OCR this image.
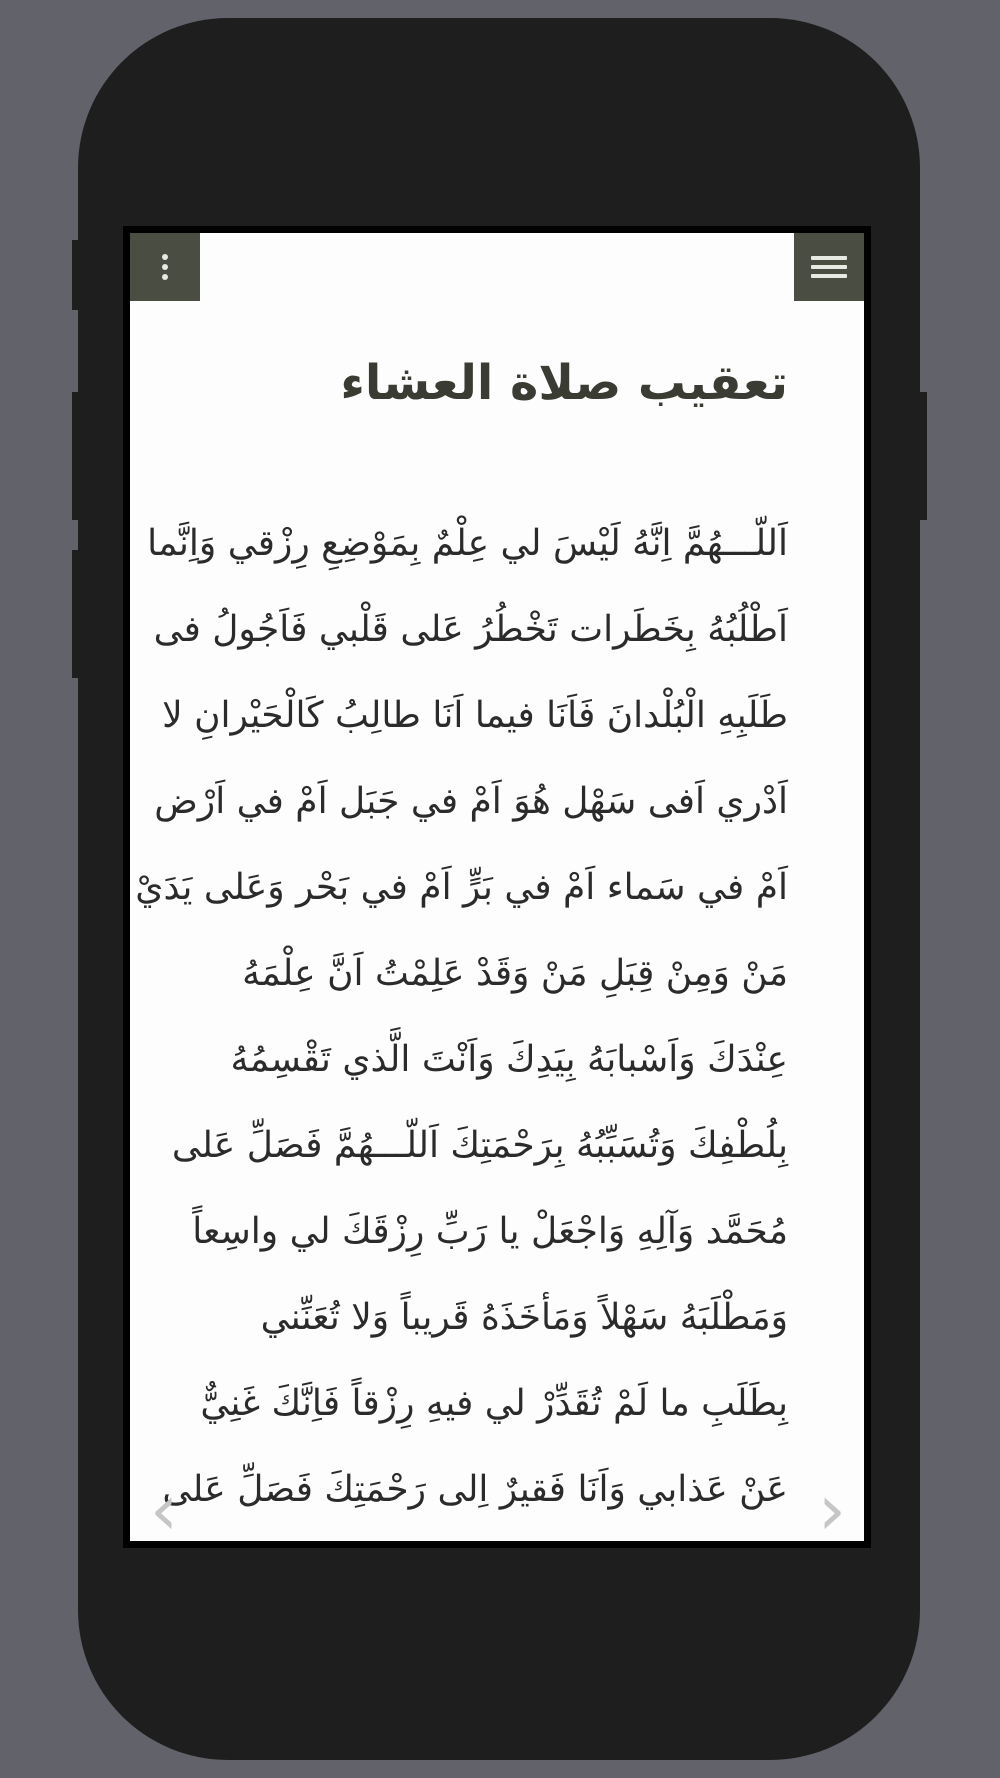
تعقيب صلاة العشاء
اَللّـــهُمَّ اِنَّهُ لَيْسَ لي عِلْمٌ بِمَوْضِعِ رِزْقي وَاِنَّما
اَطْلُبُهُ بِخَطَرات تَخْطُرُ عَلى قَلْبي فَاَجُولُ فى
طَلَبِهِ الْبُلْدانَ فَاَنَا فيما اَنَا طالِبُ كَالْحَيْرانِ لا
اَدْري اَفى سَهْل هُوَ اَمْ في جَبَل اَمْ في اَرْض
اَمْ في سَماء اَمْ في بَرٍّ اَمْ في بَحْر وَعَلى يَدَيْ
مَنْ وَمِنْ قِبَلِ مَنْ وَقَدْ عَلِمْتُ اَنَّ عِلْمَهُ
عِنْدَكَ وَاَسْبابَهُ بِيَدِكَ وَاَنْتَ الَّذي تَقْسِمُهُ
بِلُطْفِكَ وَتُسَبِّبُهُ بِرَحْمَتِكَ اَللّـــهُمَّ فَصَلِّ عَلى
مُحَمَّد وَآلِهِ وَاجْعَلْ يا رَبِّ رِزْقَكَ لي واسِعاً
وَمَطْلَبَهُ سَهْلاً وَمَأخَذَهُ قَريباً وَلا تُعَنِّني
بِطَلَبِ ما لَمْ تُقَدِّرْ لي فيهِ رِزْقاً فَاِنَّكَ غَنِيٌّ
عَنْ عَذابي وَاَنَا فَقيرٌ اِلى رَحْمَتِكَ فَصَلِّ عَلى
‹	›
